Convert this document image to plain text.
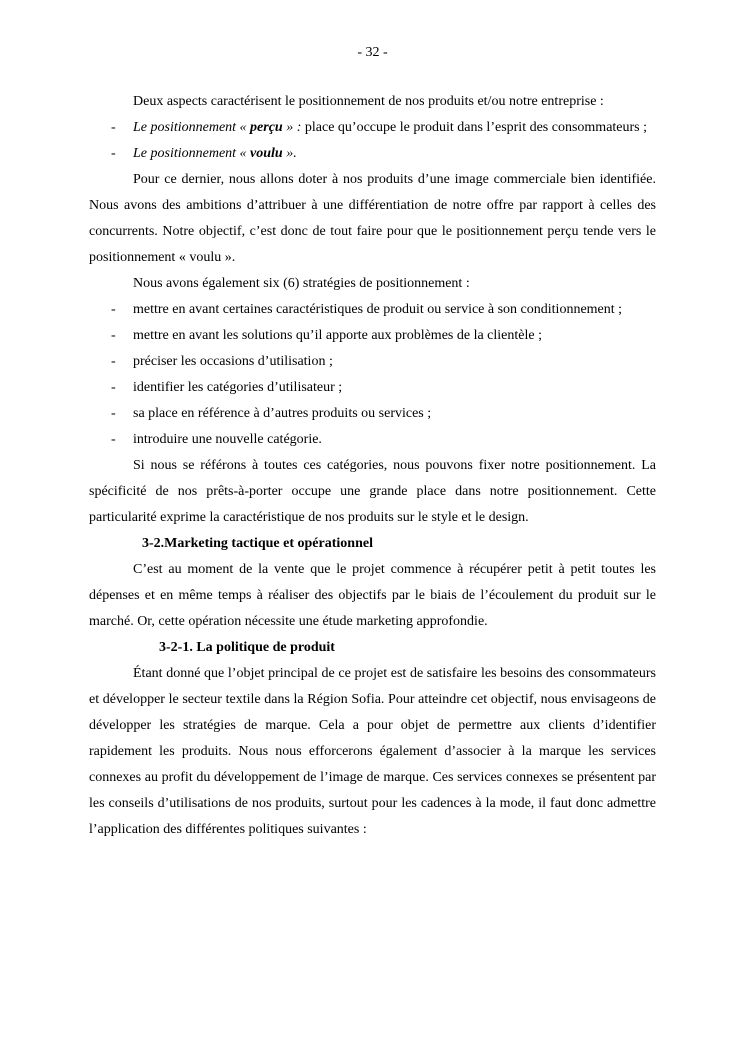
- 32 -

Deux aspects caractérisent le positionnement de nos produits et/ou notre entreprise :

- Le positionnement « perçu » : place qu’occupe le produit dans l’esprit des consommateurs ;

- Le positionnement « voulu ».

Pour ce dernier, nous allons doter à nos produits d’une image commerciale bien identifiée. Nous avons des ambitions d’attribuer à une différentiation de notre offre par rapport à celles des concurrents. Notre objectif, c’est donc de tout faire pour que le positionnement perçu tende vers le positionnement « voulu ».

Nous avons également six (6) stratégies de positionnement :

- mettre en avant certaines caractéristiques de produit ou service à son conditionnement ;

- mettre en avant les solutions qu’il apporte aux problèmes de la clientèle ;

- préciser les occasions d’utilisation ;

- identifier les catégories d’utilisateur ;

- sa place en référence à d’autres produits ou services ;

- introduire une nouvelle catégorie.

Si nous se référons à toutes ces catégories, nous pouvons fixer notre positionnement. La spécificité de nos prêts-à-porter occupe une grande place dans notre positionnement. Cette particularité exprime la caractéristique de nos produits sur le style et le design.

3-2.Marketing tactique et opérationnel

C’est au moment de la vente que le projet commence à récupérer petit à petit toutes les dépenses et en même temps à réaliser des objectifs par le biais de l’écoulement du produit sur le marché. Or, cette opération nécessite une étude marketing approfondie.

3-2-1. La politique de produit

Étant donné que l’objet principal de ce projet est de satisfaire les besoins des consommateurs et développer le secteur textile dans la Région Sofia. Pour atteindre cet objectif, nous envisageons de développer les stratégies de marque. Cela a pour objet de permettre aux clients d’identifier rapidement les produits. Nous nous efforcerons également d’associer à la marque les services connexes au profit du développement de l’image de marque. Ces services connexes se présentent par les conseils d’utilisations de nos produits, surtout pour les cadences à la mode, il faut donc admettre l’application des différentes politiques suivantes :
